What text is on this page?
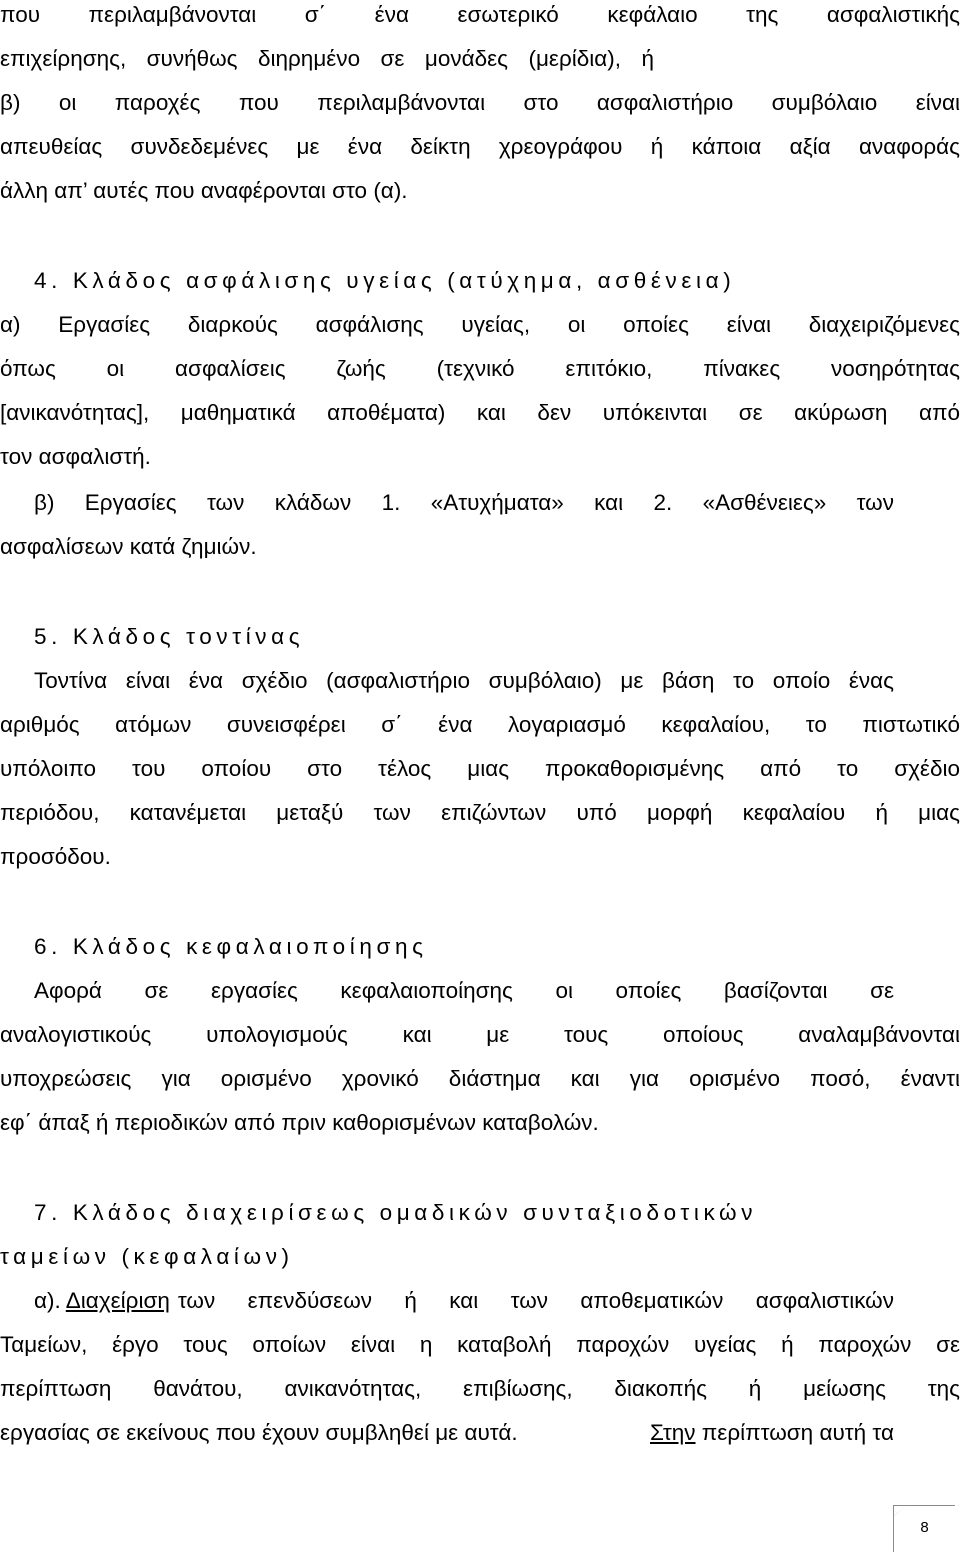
που περιλαμβάνονται σ΄ ένα εσωτερικό κεφάλαιο της ασφαλιστικής
επιχείρησης, συνήθως διηρημένο σε μονάδες (μερίδια), ή
β) οι παροχές που περιλαμβάνονται στο ασφαλιστήριο συμβόλαιο είναι
απευθείας συνδεδεμένες με ένα δείκτη χρεογράφου ή κάποια αξία αναφοράς
άλλη απ’ αυτές που αναφέρονται στο (α).
4. Κλάδος ασφάλισης υγείας (ατύχημα, ασθένεια)
α) Εργασίες διαρκούς ασφάλισης υγείας, οι οποίες είναι διαχειριζόμενες
όπως οι ασφαλίσεις ζωής (τεχνικό επιτόκιο, πίνακες νοσηρότητας
[ανικανότητας], μαθηματικά αποθέματα) και δεν υπόκεινται σε ακύρωση από
τον ασφαλιστή.
β) Εργασίες των κλάδων 1. «Ατυχήματα» και 2. «Ασθένειες» των
ασφαλίσεων κατά ζημιών.
5. Κλάδος τοντίνας
Τοντίνα είναι ένα σχέδιο (ασφαλιστήριο συμβόλαιο) με βάση το οποίο ένας
αριθμός ατόμων συνεισφέρει σ΄ ένα λογαριασμό κεφαλαίου, το πιστωτικό
υπόλοιπο του οποίου στο τέλος μιας προκαθορισμένης από το σχέδιο
περιόδου, κατανέμεται μεταξύ των επιζώντων υπό μορφή κεφαλαίου ή μιας
προσόδου.
6. Κλάδος κεφαλαιοποίησης
Αφορά σε εργασίες κεφαλαιοποίησης οι οποίες βασίζονται σε
αναλογιστικούς υπολογισμούς και με τους οποίους αναλαμβάνονται
υποχρεώσεις για ορισμένο χρονικό διάστημα και για ορισμένο ποσό, έναντι
εφ΄ άπαξ ή περιοδικών από πριν καθορισμένων καταβολών.
7. Κλάδος διαχειρίσεως ομαδικών συνταξιοδοτικών
ταμείων (κεφαλαίων)
α). Διαχείριση των επενδύσεων ή και των αποθεματικών ασφαλιστικών
Ταμείων, έργο τους οποίων είναι η καταβολή παροχών υγείας ή παροχών σε
περίπτωση θανάτου, ανικανότητας, επιβίωσης, διακοπής ή μείωσης της
εργασίας σε εκείνους που έχουν συμβληθεί με αυτά.	Στην περίπτωση αυτή τα
8
